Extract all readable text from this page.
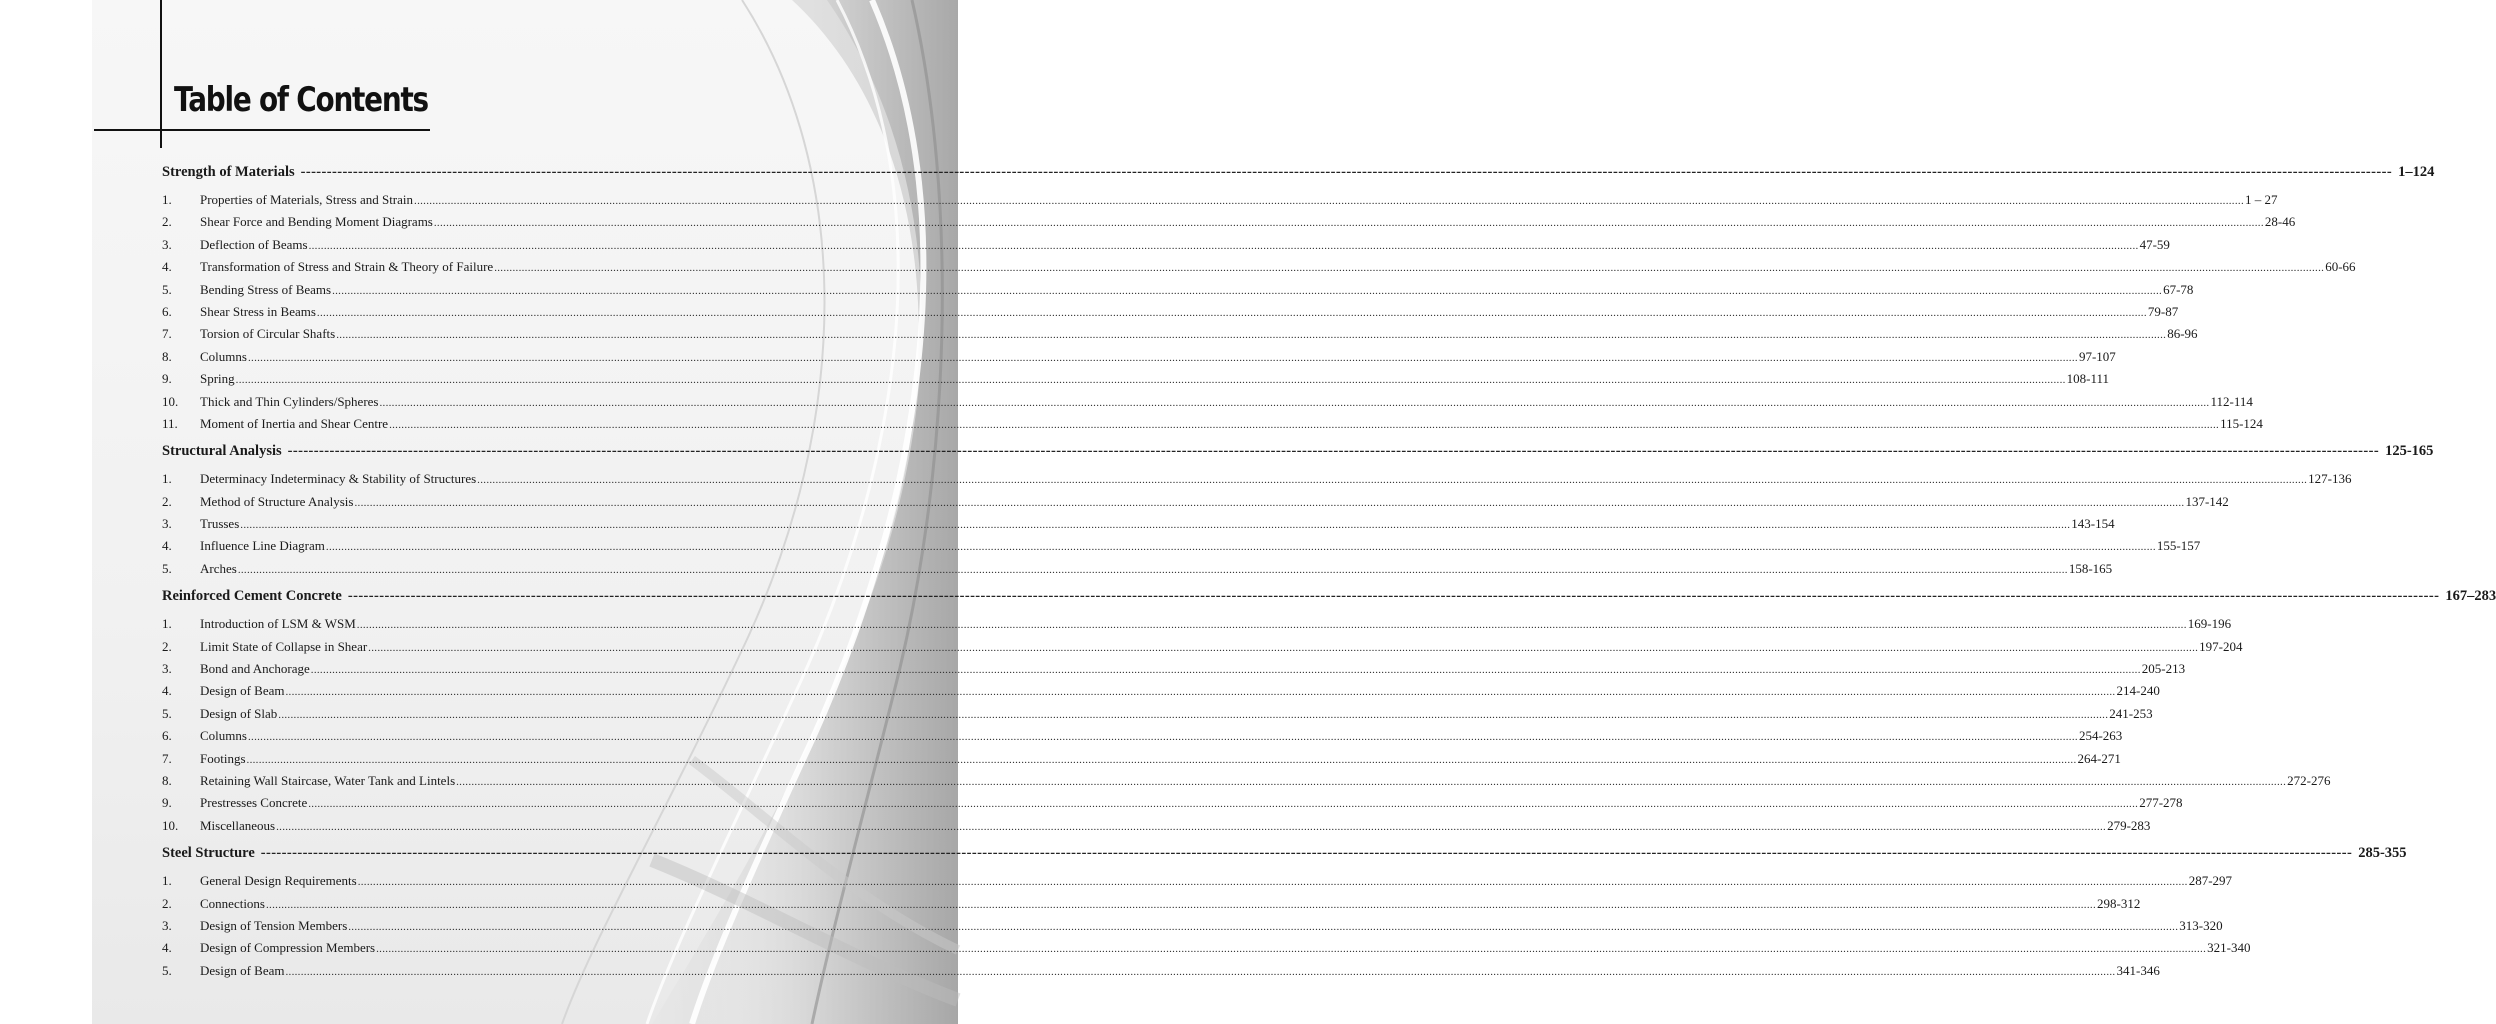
Table of Contents
Strength of Materials ---------------------------------------------------------------------------------------------------------------------------------------------------------------------------------------------------------------------------------------------------------------------------------------------------------------------------------------------------------------------------------------------------------------- 1–124
1.	Properties of Materials, Stress and Strain ........................................................................................................................................................................................................................................................................................................................................................................................................................................................................................................................................................................................................................ 1 – 27
2.	Shear Force and Bending Moment Diagrams ........................................................................................................................................................................................................................................................................................................................................................................................................................................................................................................................................................................................................................ 28-46
3.	Deflection of Beams ........................................................................................................................................................................................................................................................................................................................................................................................................................................................................................................................................................................................................................ 47-59
4.	Transformation of Stress and Strain & Theory of Failure ........................................................................................................................................................................................................................................................................................................................................................................................................................................................................................................................................................................................................................ 60-66
5.	Bending Stress of Beams ........................................................................................................................................................................................................................................................................................................................................................................................................................................................................................................................................................................................................................ 67-78
6.	Shear Stress in Beams ........................................................................................................................................................................................................................................................................................................................................................................................................................................................................................................................................................................................................................ 79-87
7.	Torsion of Circular Shafts ........................................................................................................................................................................................................................................................................................................................................................................................................................................................................................................................................................................................................................ 86-96
8.	Columns ........................................................................................................................................................................................................................................................................................................................................................................................................................................................................................................................................................................................................................ 97-107
9.	Spring ........................................................................................................................................................................................................................................................................................................................................................................................................................................................................................................................................................................................................................ 108-111
10.	Thick and Thin Cylinders/Spheres ........................................................................................................................................................................................................................................................................................................................................................................................................................................................................................................................................................................................................................ 112-114
11.	Moment of Inertia and Shear Centre ........................................................................................................................................................................................................................................................................................................................................................................................................................................................................................................................................................................................................................ 115-124
Structural Analysis ---------------------------------------------------------------------------------------------------------------------------------------------------------------------------------------------------------------------------------------------------------------------------------------------------------------------------------------------------------------------------------------------------------------- 125-165
1.	Determinacy Indeterminacy & Stability of Structures ........................................................................................................................................................................................................................................................................................................................................................................................................................................................................................................................................................................................................................ 127-136
2.	Method of Structure Analysis ........................................................................................................................................................................................................................................................................................................................................................................................................................................................................................................................................................................................................................ 137-142
3.	Trusses ........................................................................................................................................................................................................................................................................................................................................................................................................................................................................................................................................................................................................................ 143-154
4.	Influence Line Diagram ........................................................................................................................................................................................................................................................................................................................................................................................................................................................................................................................................................................................................................ 155-157
5.	Arches ........................................................................................................................................................................................................................................................................................................................................................................................................................................................................................................................................................................................................................ 158-165
Reinforced Cement Concrete ---------------------------------------------------------------------------------------------------------------------------------------------------------------------------------------------------------------------------------------------------------------------------------------------------------------------------------------------------------------------------------------------------------------- 167–283
1.	Introduction of LSM & WSM ........................................................................................................................................................................................................................................................................................................................................................................................................................................................................................................................................................................................................................ 169-196
2.	Limit State of Collapse in Shear ........................................................................................................................................................................................................................................................................................................................................................................................................................................................................................................................................................................................................................ 197-204
3.	Bond and Anchorage ........................................................................................................................................................................................................................................................................................................................................................................................................................................................................................................................................................................................................................ 205-213
4.	Design of Beam ........................................................................................................................................................................................................................................................................................................................................................................................................................................................................................................................................................................................................................ 214-240
5.	Design of Slab ........................................................................................................................................................................................................................................................................................................................................................................................................................................................................................................................................................................................................................ 241-253
6.	Columns ........................................................................................................................................................................................................................................................................................................................................................................................................................................................................................................................................................................................................................ 254-263
7.	Footings ........................................................................................................................................................................................................................................................................................................................................................................................................................................................................................................................................................................................................................ 264-271
8.	Retaining Wall Staircase, Water Tank and Lintels ........................................................................................................................................................................................................................................................................................................................................................................................................................................................................................................................................................................................................................ 272-276
9.	Prestresses Concrete ........................................................................................................................................................................................................................................................................................................................................................................................................................................................................................................................................................................................................................ 277-278
10.	Miscellaneous ........................................................................................................................................................................................................................................................................................................................................................................................................................................................................................................................................................................................................................ 279-283
Steel Structure ---------------------------------------------------------------------------------------------------------------------------------------------------------------------------------------------------------------------------------------------------------------------------------------------------------------------------------------------------------------------------------------------------------------- 285-355
1.	General Design Requirements ........................................................................................................................................................................................................................................................................................................................................................................................................................................................................................................................................................................................................................ 287-297
2.	Connections ........................................................................................................................................................................................................................................................................................................................................................................................................................................................................................................................................................................................................................ 298-312
3.	Design of Tension Members ........................................................................................................................................................................................................................................................................................................................................................................................................................................................................................................................................................................................................................ 313-320
4.	Design of Compression Members ........................................................................................................................................................................................................................................................................................................................................................................................................................................................................................................................................................................................................................ 321-340
5.	Design of Beam ........................................................................................................................................................................................................................................................................................................................................................................................................................................................................................................................................................................................................................ 341-346
